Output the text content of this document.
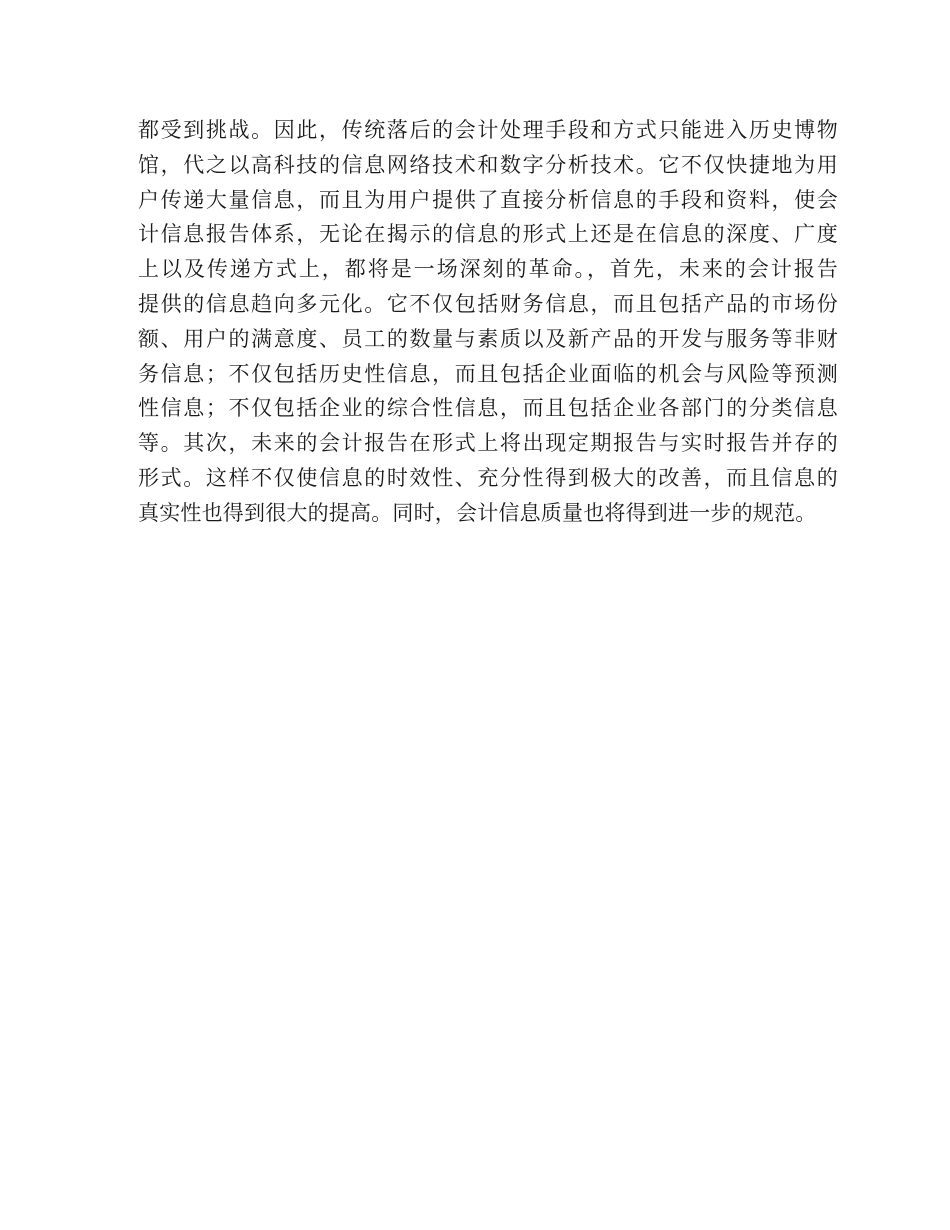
都受到挑战。因此，传统落后的会计处理手段和方式只能进入历史博物
馆，代之以高科技的信息网络技术和数字分析技术。它不仅快捷地为用
户传递大量信息，而且为用户提供了直接分析信息的手段和资料，使会
计信息报告体系，无论在揭示的信息的形式上还是在信息的深度、广度
上以及传递方式上，都将是一场深刻的革命。，首先，未来的会计报告
提供的信息趋向多元化。它不仅包括财务信息，而且包括产品的市场份
额、用户的满意度、员工的数量与素质以及新产品的开发与服务等非财
务信息；不仅包括历史性信息，而且包括企业面临的机会与风险等预测
性信息；不仅包括企业的综合性信息，而且包括企业各部门的分类信息
等。其次，未来的会计报告在形式上将出现定期报告与实时报告并存的
形式。这样不仅使信息的时效性、充分性得到极大的改善，而且信息的
真实性也得到很大的提高。同时，会计信息质量也将得到进一步的规范。
